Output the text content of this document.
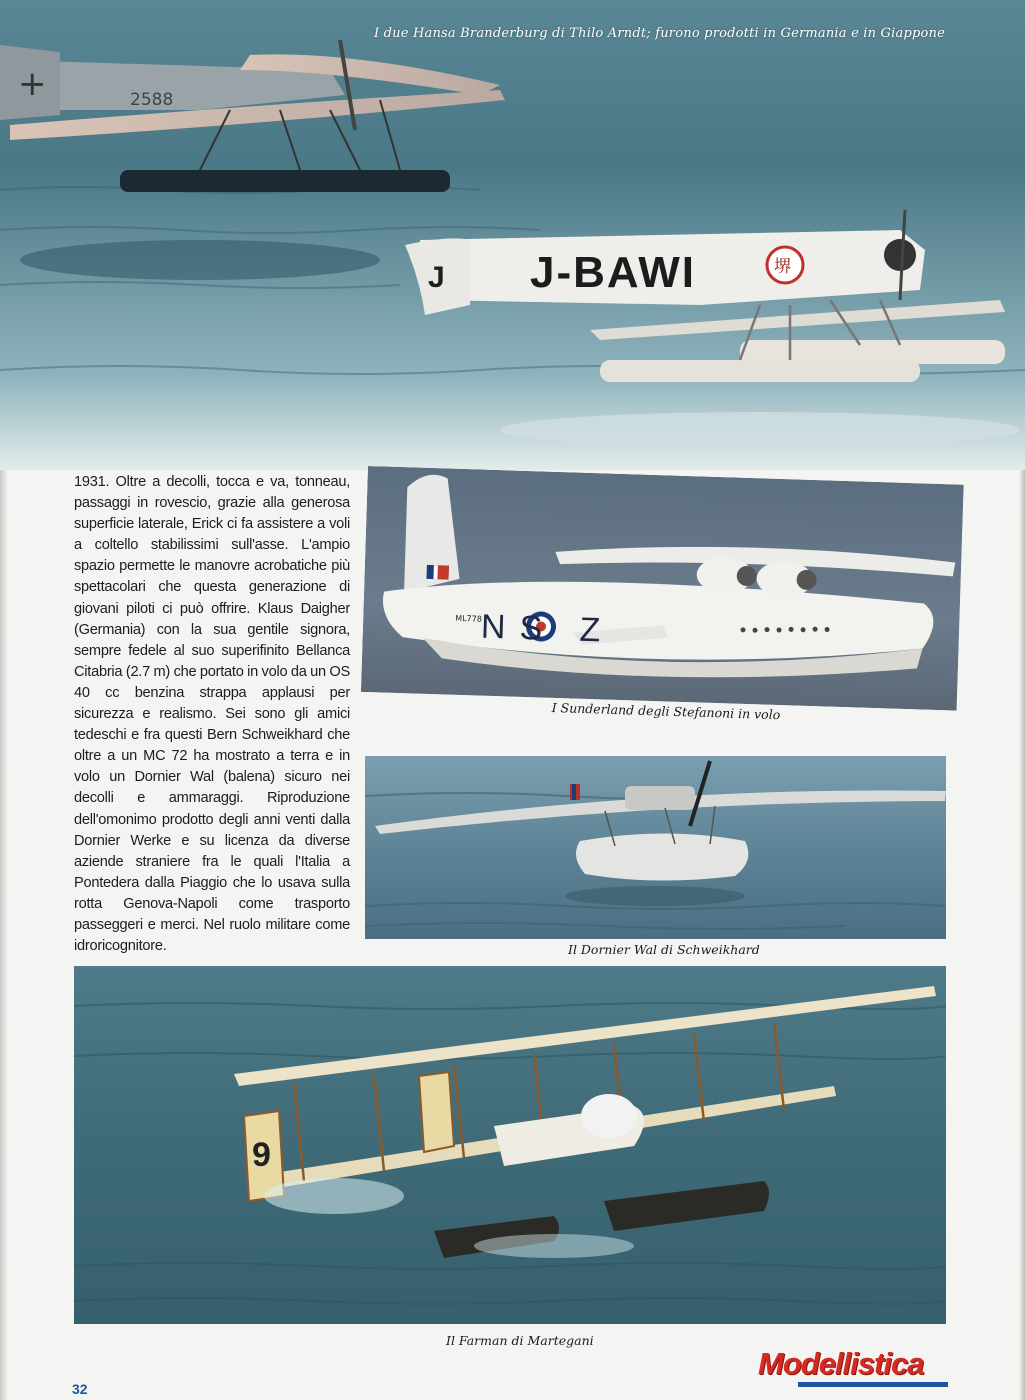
+	2588
堺
J J-BAWI
I due Hansa Branderburg di Thilo Arndt; furono prodotti in Germania e in Giappone
1931. Oltre a decolli, tocca e va, tonneau, passaggi in rovescio, grazie alla generosa superficie laterale, Erick ci fa assistere a voli a coltello stabilissimi sull'asse. L'ampio spazio permette le manovre acrobatiche più spettacolari che questa generazione di giovani piloti ci può offrire. Klaus Daigher (Germania) con la sua gentile signora, sempre fedele al suo superifinito Bellanca Citabria (2.7 m) che portato in volo da un OS 40 cc benzina strappa applausi per sicurezza e realismo. Sei sono gli amici tedeschi e fra questi Bern Schweikhard che oltre a un MC 72 ha mostrato a terra e in volo un Dornier Wal (balena) sicuro nei decolli e ammaraggi. Riproduzione dell'omonimo prodotto degli anni venti dalla Dornier Werke e su licenza da diverse aziende straniere fra le quali l'Italia a Pontedera dalla Piaggio che lo usava sulla rotta Genova-Napoli come trasporto passeggeri e merci. Nel ruolo militare come idroricognitore.
ML778
NS Z
I Sunderland degli Stefanoni in volo
Il Dornier Wal di Schweikhard
9
Il Farman di Martegani
32
Modellistica
